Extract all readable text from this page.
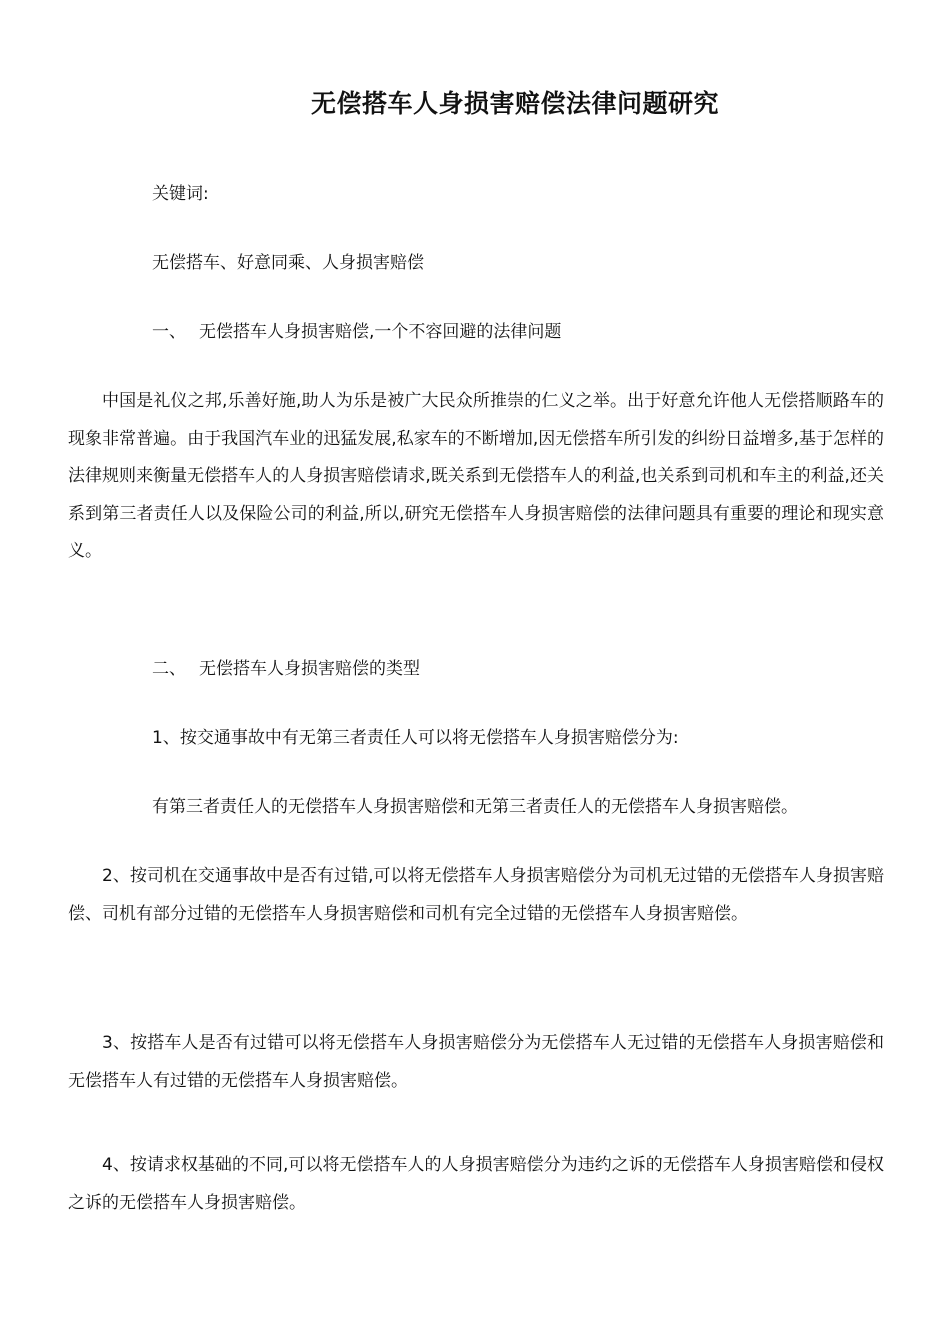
无偿搭车人身损害赔偿法律问题研究

关键词:

无偿搭车、好意同乘、人身损害赔偿

一、 无偿搭车人身损害赔偿,一个不容回避的法律问题

中国是礼仪之邦,乐善好施,助人为乐是被广大民众所推崇的仁义之举。出于好意允许他人无偿搭顺路车的现象非常普遍。由于我国汽车业的迅猛发展,私家车的不断增加,因无偿搭车所引发的纠纷日益增多,基于怎样的法律规则来衡量无偿搭车人的人身损害赔偿请求,既关系到无偿搭车人的利益,也关系到司机和车主的利益,还关系到第三者责任人以及保险公司的利益,所以,研究无偿搭车人身损害赔偿的法律问题具有重要的理论和现实意义。

二、 无偿搭车人身损害赔偿的类型

1、按交通事故中有无第三者责任人可以将无偿搭车人身损害赔偿分为:

有第三者责任人的无偿搭车人身损害赔偿和无第三者责任人的无偿搭车人身损害赔偿。

2、按司机在交通事故中是否有过错,可以将无偿搭车人身损害赔偿分为司机无过错的无偿搭车人身损害赔偿、司机有部分过错的无偿搭车人身损害赔偿和司机有完全过错的无偿搭车人身损害赔偿。

3、按搭车人是否有过错可以将无偿搭车人身损害赔偿分为无偿搭车人无过错的无偿搭车人身损害赔偿和无偿搭车人有过错的无偿搭车人身损害赔偿。

4、按请求权基础的不同,可以将无偿搭车人的人身损害赔偿分为违约之诉的无偿搭车人身损害赔偿和侵权之诉的无偿搭车人身损害赔偿。
